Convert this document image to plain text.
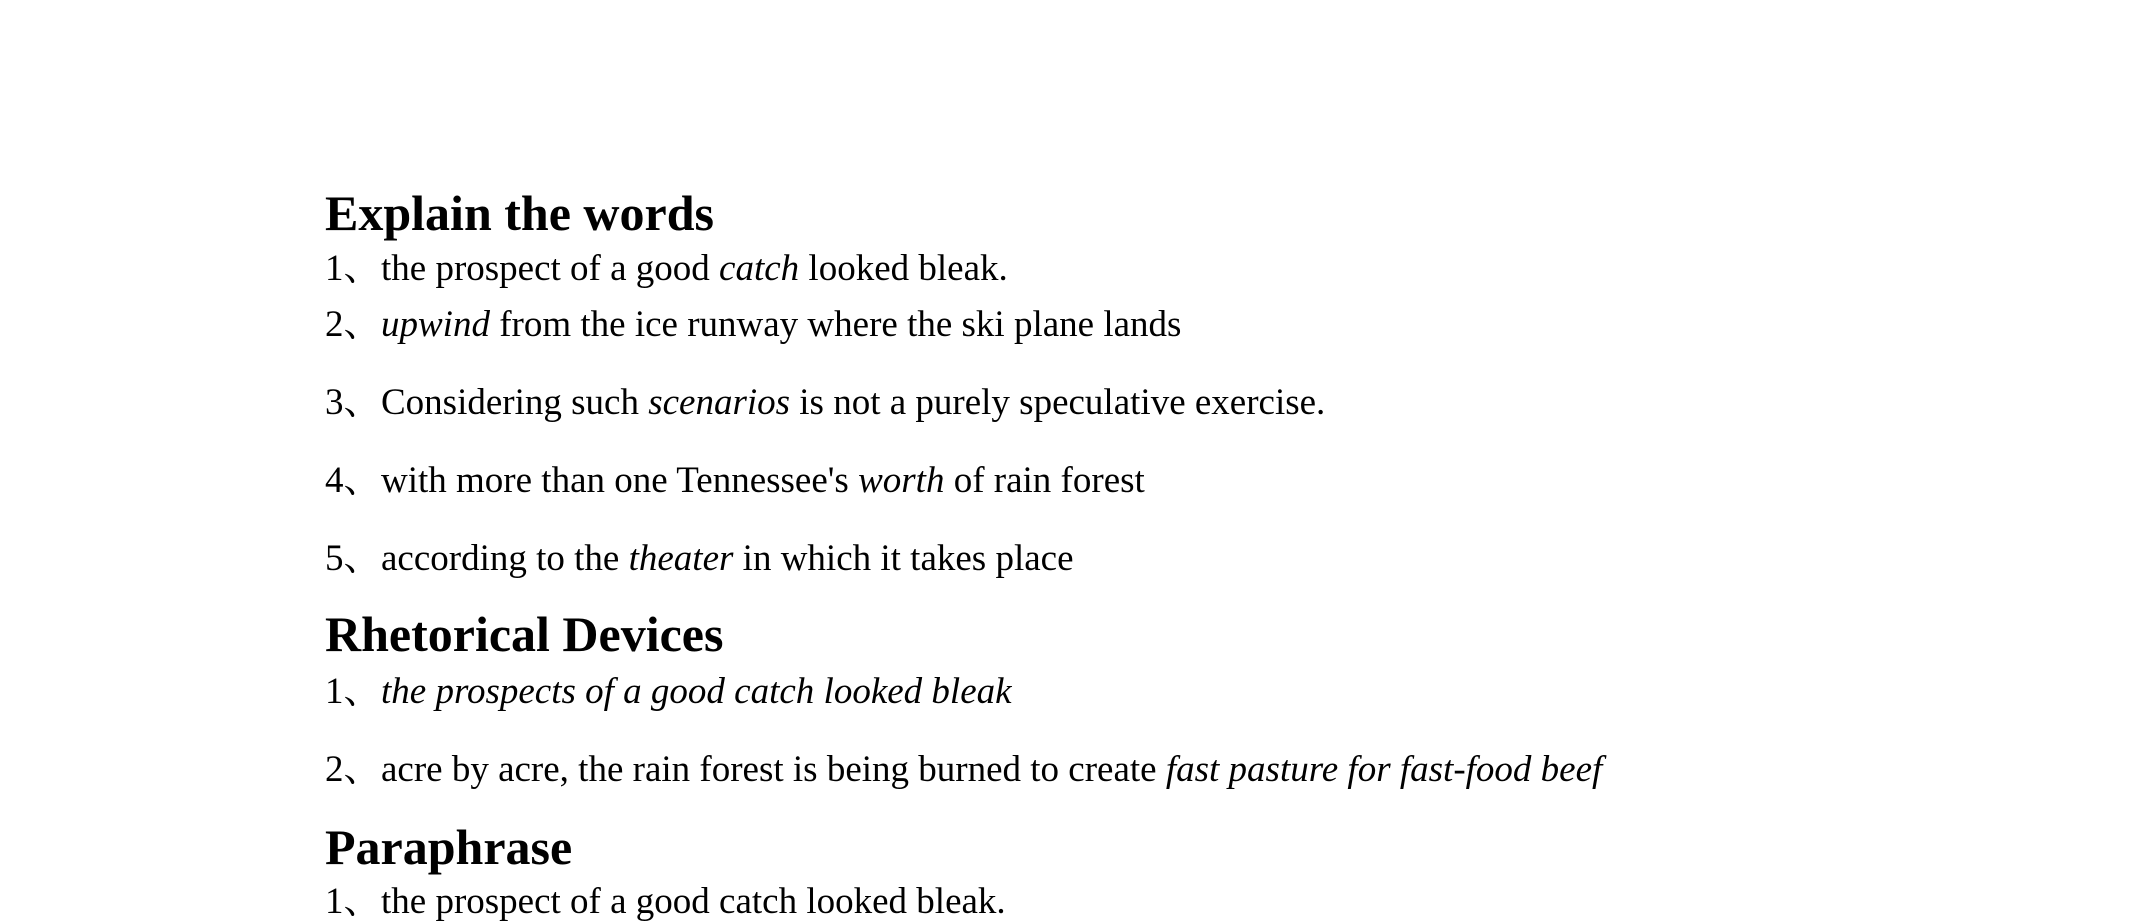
Explain the words
1、the prospect of a good catch looked bleak.
2、upwind from the ice runway where the ski plane lands
3、Considering such scenarios is not a purely speculative exercise.
4、with more than one Tennessee's worth of rain forest
5、according to the theater in which it takes place
Rhetorical Devices
1、the prospects of a good catch looked bleak
2、acre by acre, the rain forest is being burned to create fast pasture for fast-food beef
Paraphrase
1、the prospect of a good catch looked bleak.
